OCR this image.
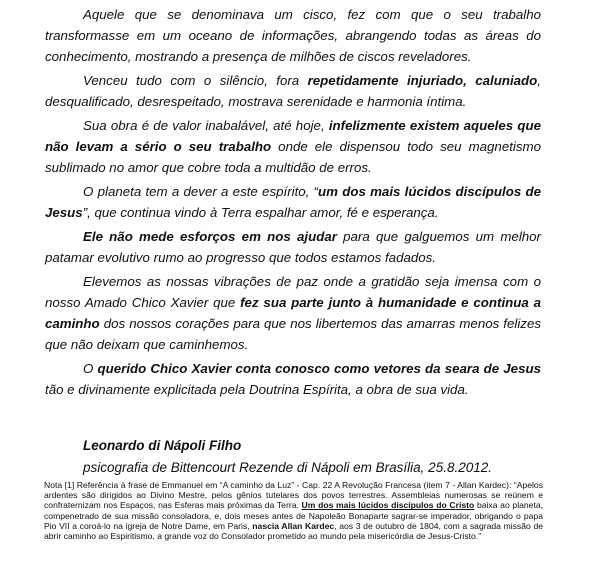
Aquele que se denominava um cisco, fez com que o seu trabalho transformasse em um oceano de informações, abrangendo todas as áreas do conhecimento, mostrando a presença de milhões de ciscos reveladores.

Venceu tudo com o silêncio, fora repetidamente injuriado, caluniado, desqualificado, desrespeitado, mostrava serenidade e harmonia íntima.

Sua obra é de valor inabalável, até hoje, infelizmente existem aqueles que não levam a sério o seu trabalho onde ele dispensou todo seu magnetismo sublimado no amor que cobre toda a multidão de erros.

O planeta tem a dever a este espírito, “um dos mais lúcidos discípulos de Jesus”, que continua vindo à Terra espalhar amor, fé e esperança.

Ele não mede esforços em nos ajudar para que galguemos um melhor patamar evolutivo rumo ao progresso que todos estamos fadados.

Elevemos as nossas vibrações de paz onde a gratidão seja imensa com o nosso Amado Chico Xavier que fez sua parte junto à humanidade e continua a caminho dos nossos corações para que nos libertemos das amarras menos felizes que não deixam que caminhemos.

O querido Chico Xavier conta conosco como vetores da seara de Jesus tão e divinamente explicitada pela Doutrina Espírita, a obra de sua vida.

Leonardo di Nápoli Filho
psicografia de Bittencourt Rezende di Nápoli em Brasília, 25.8.2012.
Nota [1] Referência à frase de Emmanuel em “A caminho da Luz” - Cap. 22 A Revolução Francesa (item 7 - Allan Kardec): “Apelos ardentes são dirigidos ao Divino Mestre, pelos gênios tutelares dos povos terrestres. Assembleias numerosas se reúnem e confraternizam nos Espaços, nas Esferas mais próximas da Terra. Um dos mais lúcidos discípulos do Cristo baixa ao planeta, compenetrado de sua missão consoladora, e, dois meses antes de Napoleão Bonaparte sagrar-se imperador, obrigando o papa Pio VII a coroá-lo na igreja de Notre Dame, em Paris, nascia Allan Kardec, aos 3 de outubro de 1804, com a sagrada missão de abrir caminho ao Espiritismo, a grande voz do Consolador prometido ao mundo pela misericórdia de Jesus-Cristo.”
